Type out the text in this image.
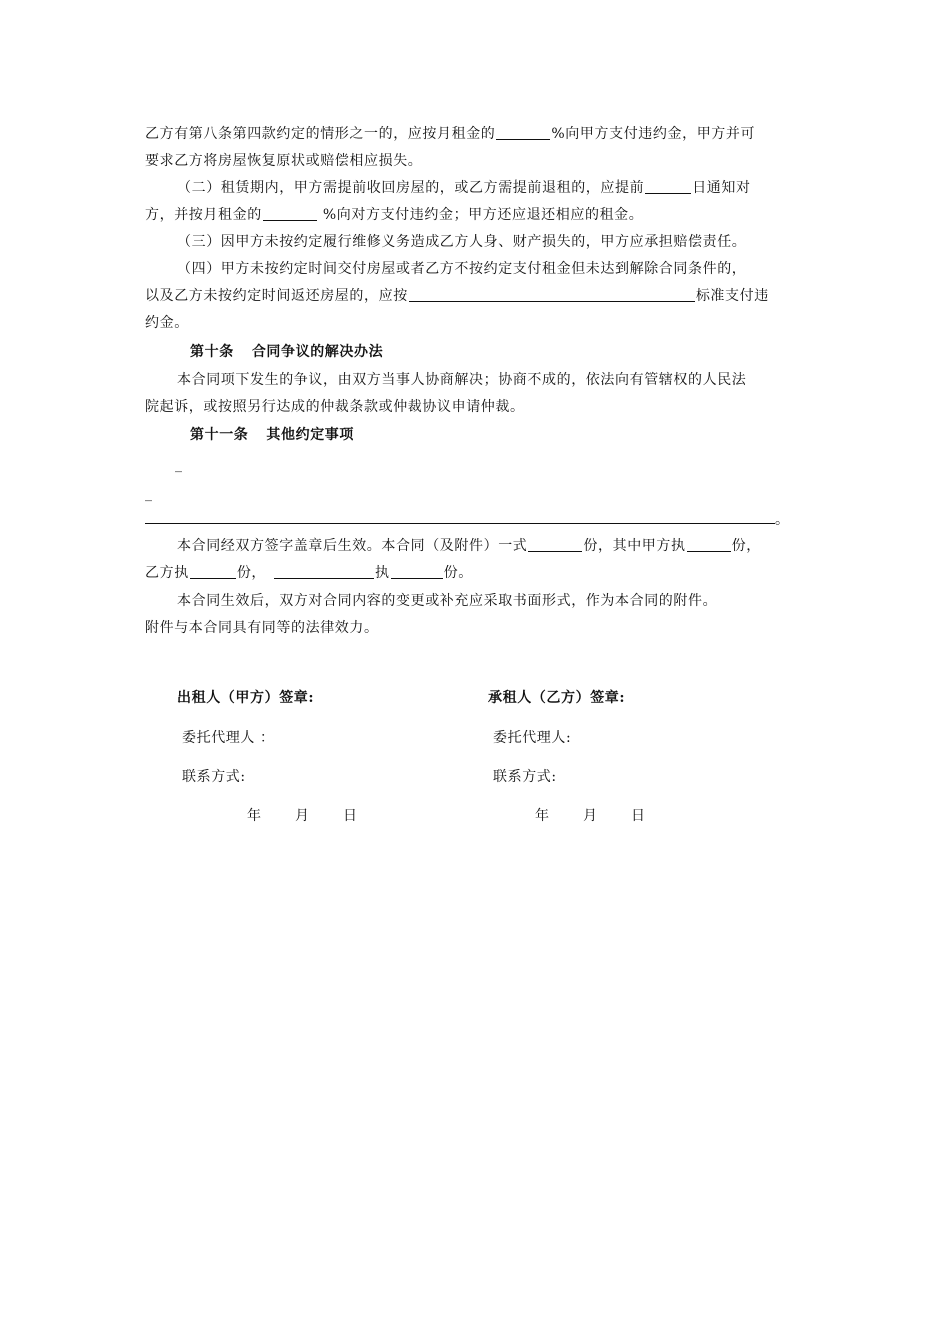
乙方有第八条第四款约定的情形之一的，应按月租金的	%向甲方支付违约金，甲方并可
要求乙方将房屋恢复原状或赔偿相应损失。
（二）租赁期内，甲方需提前收回房屋的，或乙方需提前退租的，应提前	日通知对
方，并按月租金的	%向对方支付违约金；甲方还应退还相应的租金。
（三）因甲方未按约定履行维修义务造成乙方人身、财产损失的，甲方应承担赔偿责任。
（四）甲方未按约定时间交付房屋或者乙方不按约定支付租金但未达到解除合同条件的，
以及乙方未按约定时间返还房屋的，应按	标准支付违
约金。
第十条 合同争议的解决办法
本合同项下发生的争议，由双方当事人协商解决；协商不成的，依法向有管辖权的人民法
院起诉，或按照另行达成的仲裁条款或仲裁协议申请仲裁。
第十一条 其他约定事项
_
_
。
本合同经双方签字盖章后生效。本合同（及附件）一式	份，其中甲方执	份，
乙方执	份，	执	份。
本合同生效后，双方对合同内容的变更或补充应采取书面形式，作为本合同的附件。
附件与本合同具有同等的法律效力。
出租人（甲方）签章:
委托代理人 ：
联系方式:
年 月 日
承租人（乙方）签章:
委托代理人:
联系方式:
年 月 日
